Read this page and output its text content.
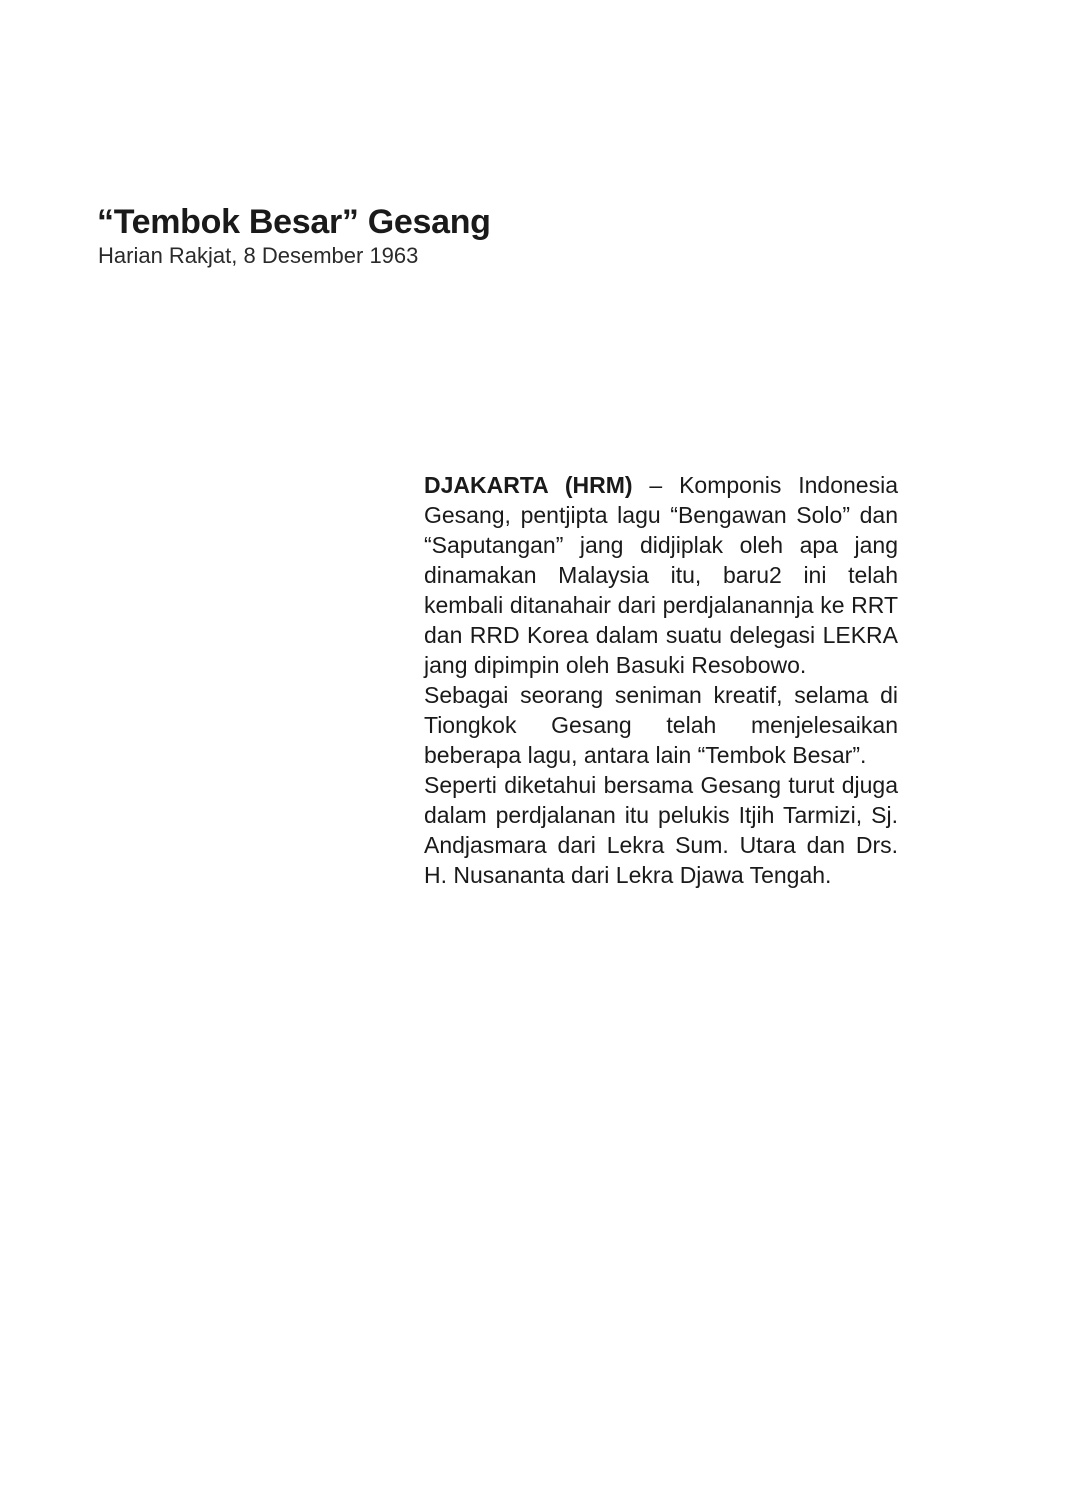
“Tembok Besar” Gesang
Harian Rakjat, 8 Desember 1963

DJAKARTA (HRM) – Komponis Indonesia Gesang, pentjipta lagu “Bengawan Solo” dan “Saputangan” jang didjiplak oleh apa jang dinamakan Malaysia itu, baru2 ini telah kembali ditanahair dari perdjalanannja ke RRT dan RRD Korea dalam suatu delegasi LEKRA jang dipimpin oleh Basuki Resobowo.

Sebagai seorang seniman kreatif, selama di Tiongkok Gesang telah menjelesaikan beberapa lagu, antara lain “Tembok Besar”.

Seperti diketahui bersama Gesang turut djuga dalam perdjalanan itu pelukis Itjih Tarmizi, Sj. Andjasmara dari Lekra Sum. Utara dan Drs. H. Nusananta dari Lekra Djawa Tengah.
